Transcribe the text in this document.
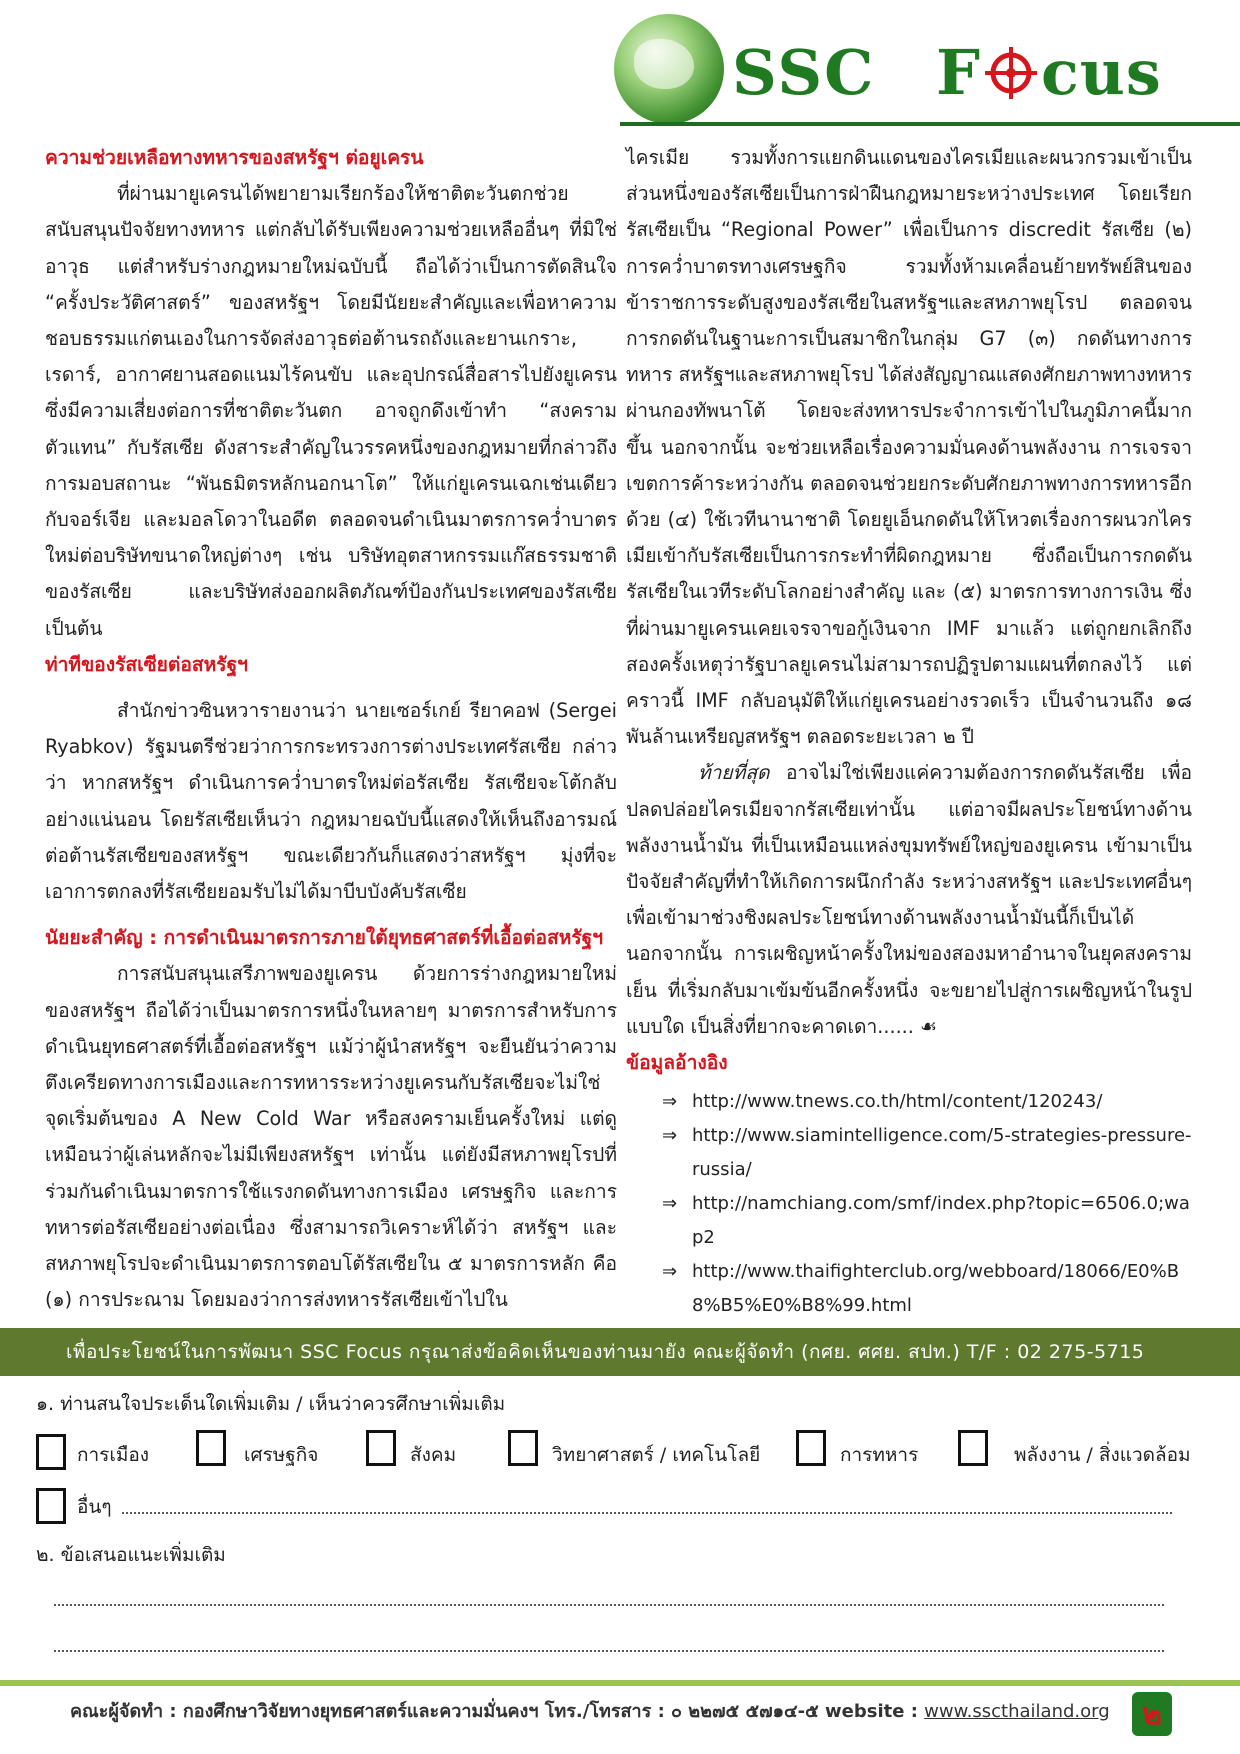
SSC F cus

ความช่วยเหลือทางทหารของสหรัฐฯ ต่อยูเครน

ที่ผ่านมายูเครนได้พยายามเรียกร้องให้ชาติตะวันตกช่วยสนับสนุนปัจจัยทางทหาร แต่กลับได้รับเพียงความช่วยเหลืออื่นๆ ที่มิใช่อาวุธ แต่สำหรับร่างกฎหมายใหม่ฉบับนี้ ถือได้ว่าเป็นการตัดสินใจ “ครั้งประวัติศาสตร์” ของสหรัฐฯ โดยมีนัยยะสำคัญและเพื่อหาความชอบธรรมแก่ตนเองในการจัดส่งอาวุธต่อต้านรถถังและยานเกราะ, เรดาร์, อากาศยานสอดแนมไร้คนขับ และอุปกรณ์สื่อสารไปยังยูเครน ซึ่งมีความเสี่ยงต่อการที่ชาติตะวันตก อาจถูกดึงเข้าทำ “สงครามตัวแทน” กับรัสเซีย ดังสาระสำคัญในวรรคหนึ่งของกฎหมายที่กล่าวถึงการมอบสถานะ “พันธมิตรหลักนอกนาโต” ให้แก่ยูเครนเฉกเช่นเดียวกับจอร์เจีย และมอลโดวาในอดีต ตลอดจนดำเนินมาตรการคว่ำบาตรใหม่ต่อบริษัทขนาดใหญ่ต่างๆ เช่น บริษัทอุตสาหกรรมแก๊สธรรมชาติของรัสเซีย และบริษัทส่งออกผลิตภัณฑ์ป้องกันประเทศของรัสเซีย เป็นต้น

ท่าทีของรัสเซียต่อสหรัฐฯ

สำนักข่าวซินหวารายงานว่า นายเซอร์เกย์ รียาคอฟ (Sergei Ryabkov) รัฐมนตรีช่วยว่าการกระทรวงการต่างประเทศรัสเซีย กล่าวว่า หากสหรัฐฯ ดำเนินการคว่ำบาตรใหม่ต่อรัสเซีย รัสเซียจะโต้กลับอย่างแน่นอน โดยรัสเซียเห็นว่า กฎหมายฉบับนี้แสดงให้เห็นถึงอารมณ์ต่อต้านรัสเซียของสหรัฐฯ ขณะเดียวกันก็แสดงว่าสหรัฐฯ มุ่งที่จะเอาการตกลงที่รัสเซียยอมรับไม่ได้มาบีบบังคับรัสเซีย

นัยยะสำคัญ : การดำเนินมาตรการภายใต้ยุทธศาสตร์ที่เอื้อต่อสหรัฐฯ

การสนับสนุนเสรีภาพของยูเครน ด้วยการร่างกฎหมายใหม่ของสหรัฐฯ ถือได้ว่าเป็นมาตรการหนึ่งในหลายๆ มาตรการสำหรับการดำเนินยุทธศาสตร์ที่เอื้อต่อสหรัฐฯ แม้ว่าผู้นำสหรัฐฯ จะยืนยันว่าความตึงเครียดทางการเมืองและการทหารระหว่างยูเครนกับรัสเซียจะไม่ใช่จุดเริ่มต้นของ A New Cold War หรือสงครามเย็นครั้งใหม่ แต่ดูเหมือนว่าผู้เล่นหลักจะไม่มีเพียงสหรัฐฯ เท่านั้น แต่ยังมีสหภาพยุโรปที่ร่วมกันดำเนินมาตรการใช้แรงกดดันทางการเมือง เศรษฐกิจ และการทหารต่อรัสเซียอย่างต่อเนื่อง ซึ่งสามารถวิเคราะห์ได้ว่า สหรัฐฯ และสหภาพยุโรปจะดำเนินมาตรการตอบโต้รัสเซียใน ๕ มาตรการหลัก คือ (๑) การประณาม โดยมองว่าการส่งทหารรัสเซียเข้าไปใน

ไครเมีย รวมทั้งการแยกดินแดนของไครเมียและผนวกรวมเข้าเป็นส่วนหนึ่งของรัสเซียเป็นการฝ่าฝืนกฎหมายระหว่างประเทศ โดยเรียกรัสเซียเป็น “Regional Power” เพื่อเป็นการ discredit รัสเซีย (๒) การคว่ำบาตรทางเศรษฐกิจ รวมทั้งห้ามเคลื่อนย้ายทรัพย์สินของข้าราชการระดับสูงของรัสเซียในสหรัฐฯและสหภาพยุโรป ตลอดจนการกดดันในฐานะการเป็นสมาชิกในกลุ่ม G7 (๓) กดดันทางการทหาร สหรัฐฯและสหภาพยุโรป ได้ส่งสัญญาณแสดงศักยภาพทางทหารผ่านกองทัพนาโต้ โดยจะส่งทหารประจำการเข้าไปในภูมิภาคนี้มากขึ้น นอกจากนั้น จะช่วยเหลือเรื่องความมั่นคงด้านพลังงาน การเจรจาเขตการค้าระหว่างกัน ตลอดจนช่วยยกระดับศักยภาพทางการทหารอีกด้วย (๔) ใช้เวทีนานาชาติ โดยยูเอ็นกดดันให้โหวตเรื่องการผนวกไครเมียเข้ากับรัสเซียเป็นการกระทำที่ผิดกฎหมาย ซึ่งถือเป็นการกดดันรัสเซียในเวทีระดับโลกอย่างสำคัญ และ (๕) มาตรการทางการเงิน ซึ่งที่ผ่านมายูเครนเคยเจรจาขอกู้เงินจาก IMF มาแล้ว แต่ถูกยกเลิกถึงสองครั้งเหตุว่ารัฐบาลยูเครนไม่สามารถปฏิรูปตามแผนที่ตกลงไว้ แต่คราวนี้ IMF กลับอนุมัติให้แก่ยูเครนอย่างรวดเร็ว เป็นจำนวนถึง ๑๘ พันล้านเหรียญสหรัฐฯ ตลอดระยะเวลา ๒ ปี

ท้ายที่สุด อาจไม่ใช่เพียงแค่ความต้องการกดดันรัสเซีย เพื่อปลดปล่อยไครเมียจากรัสเซียเท่านั้น แต่อาจมีผลประโยชน์ทางด้านพลังงานน้ำมัน ที่เป็นเหมือนแหล่งขุมทรัพย์ใหญ่ของยูเครน เข้ามาเป็นปัจจัยสำคัญที่ทำให้เกิดการผนึกกำลัง ระหว่างสหรัฐฯ และประเทศอื่นๆ เพื่อเข้ามาช่วงชิงผลประโยชน์ทางด้านพลังงานน้ำมันนี้ก็เป็นได้ นอกจากนั้น การเผชิญหน้าครั้งใหม่ของสองมหาอำนาจในยุคสงครามเย็น ที่เริ่มกลับมาเข้มข้นอีกครั้งหนึ่ง จะขยายไปสู่การเผชิญหน้าในรูปแบบใด เป็นสิ่งที่ยากจะคาดเดา...... ☙

ข้อมูลอ้างอิง

⇒ http://www.tnews.co.th/html/content/120243/
⇒ http://www.siamintelligence.com/5-strategies-pressure-russia/
⇒ http://namchiang.com/smf/index.php?topic=6506.0;wap2
⇒ http://www.thaifighterclub.org/webboard/18066/E0%B8%B5%E0%B8%99.html
เพื่อประโยชน์ในการพัฒนา SSC Focus กรุณาส่งข้อคิดเห็นของท่านมายัง คณะผู้จัดทำ (กศย. ศศย. สปท.) T/F : 02 275-5715
๑. ท่านสนใจประเด็นใดเพิ่มเติม / เห็นว่าควรศึกษาเพิ่มเติม
การเมือง	เศรษฐกิจ	สังคม	วิทยาศาสตร์ / เทคโนโลยี	การทหาร	พลังงาน / สิ่งแวดล้อม
อื่นๆ
๒. ข้อเสนอแนะเพิ่มเติม
คณะผู้จัดทำ : กองศึกษาวิจัยทางยุทธศาสตร์และความมั่นคงฯ โทร./โทรสาร : ๐ ๒๒๗๕ ๕๗๑๔-๕ website : www.sscthailand.org ๒
